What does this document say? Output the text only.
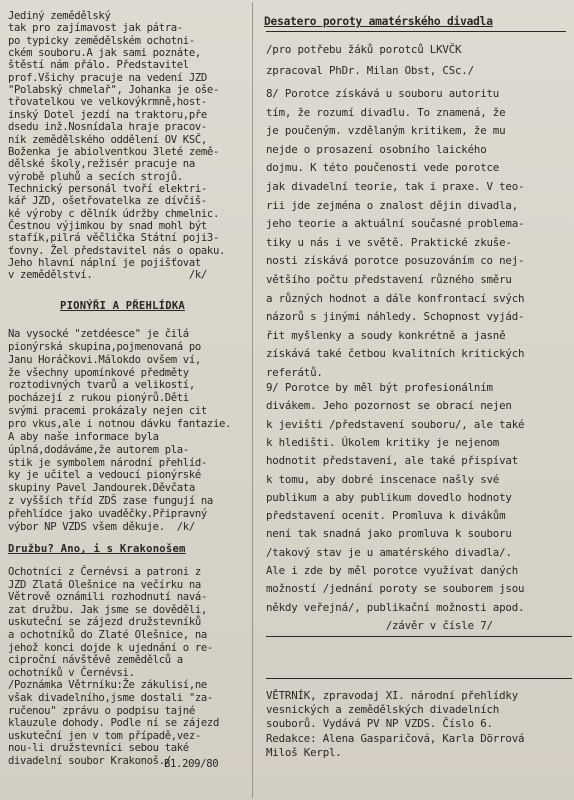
Jediný zemědělský
tak pro zajímavost jak pátra-
po typicky zemědělském ochotni-
ckém souboru.A jak sami poznáte,
štěstí nám přálo. Představitel
prof.Všichy pracuje na vedení JZD
"Polabský chmelař", Johanka je oše-
třovatelkou ve velkovýkrmně,host-
inský Dotel jezdí na traktoru,pře
dsedu inž.Nosnídala hraje pracov-
ník zemědělského oddělení OV KSČ,
Boženka je abiolventkou 3leté země-
dělské školy,režisér pracuje na
výrobě pluhů a secích strojů.
Technický personál tvoří elektri-
kář JZD, ošetřovatelka ze dívčiš-
ké výroby c dělník údržby chmelnic.
Čestnou výjimkou by snad mohl být
stafík,pilrá věčlička Státní poji3-
ťovny. Žel představitel nás o opaku.
Jeho hlavní náplní je pojišťovat
v zemědělství.                /k/
PIONÝŘI A PŘEHLÍDKA
Na vysocké "zetdéesce" je čilá
pionýrská skupina,pojmenovaná po
Janu Horáčkovi.Málokdo ovšem ví,
že všechny upomínkové předměty
roztodivných tvarů a velikostí,
pocházejí z rukou pionýrů.Děti
svými pracemi prokázaly nejen cit
pro vkus,ale i notnou dávku fantazie.
A aby naše informace byla
úplná,dodáváme,že autorem pla-
stik je symbolem národní přehlíd-
ky je učitel a vedoucí pionýrské
skupiny Pavel Jandourek.Děvčata
z vyšších tříd ZDŠ zase fungují na
přehlídce jako uvaděčky.Připravný
výbor NP VZDS všem děkuje.  /k/
Družbu? Ano, i s Krakonošem
Ochotníci z Černévsi a patroni z
JZD Zlatá Olešnice na večírku na
Větrově oznámili rozhodnutí navá-
zat družbu. Jak jsme se dověděli,
uskuteční se zájezd družstevníků
a ochotníků do Zlaté Olešnice, na
jehož konci dojde k ujednání o re-
ciproční návštěvě zemědělců a
ochotníků v Černévsi.
/Poznámka Větrníku:Že zákulisí,ne
však divadelního,jsme dostali "za-
ručenou" zprávu o podpisu tajné
klauzule dohody. Podle ní se zájezd
uskuteční jen v tom případě,vez-
nou-li družstevníci sebou také
divadelní soubor Krakonoš./
B1.209/80
Desatero poroty amatérského divadla
/pro potřebu žáků porotců LKVČK
zpracoval PhDr. Milan Obst, CSc./
8/ Porotce získává u souboru autoritu
tím, že rozumí divadlu. To znamená, že
je poučeným. vzdělaným kritikem, že mu
nejde o prosazení osobního laického
dojmu. K této poučenosti vede porotce
jak divadelní teorie, tak i praxe. V teo-
rii jde zejména o znalost dějin divadla,
jeho teorie a aktuální současné problema-
tiky u nás i ve světě. Praktické zkuše-
nosti získává porotce posuzováním co nej-
většího počtu představení různého směru
a různých hodnot a dále konfrontací svých
názorů s jinými náhledy. Schopnost vyjád-
řit myšlenky a soudy konkrétně a jasně
získává také četbou kvalitních kritických
referátů.
9/ Porotce by měl být profesionálním
divákem. Jeho pozornost se obrací nejen
k jevišti /představení souboru/, ale také
k hledišti. Úkolem kritiky je nejenom
hodnotit představení, ale také přispívat
k tomu, aby dobré inscenace našly své
publikum a aby publikum dovedlo hodnoty
představení ocenit. Promluva k divákům
není tak snadná jako promluva k souboru
/takový stav je u amatérského divadla/.
Ale i zde by měl porotce využívat daných
možností /jednání poroty se souborem jsou
někdy veřejná/, publikační možnosti apod.
/závěr v čísle 7/
VĚTRNÍK, zpravodaj XI. národní přehlídky
vesnických a zemědělských divadelních
souborů. Vydává PV NP VZDS. Číslo 6.
Redakce: Alena Gasparičová, Karla Dörrová
Miloš Kerpl.
